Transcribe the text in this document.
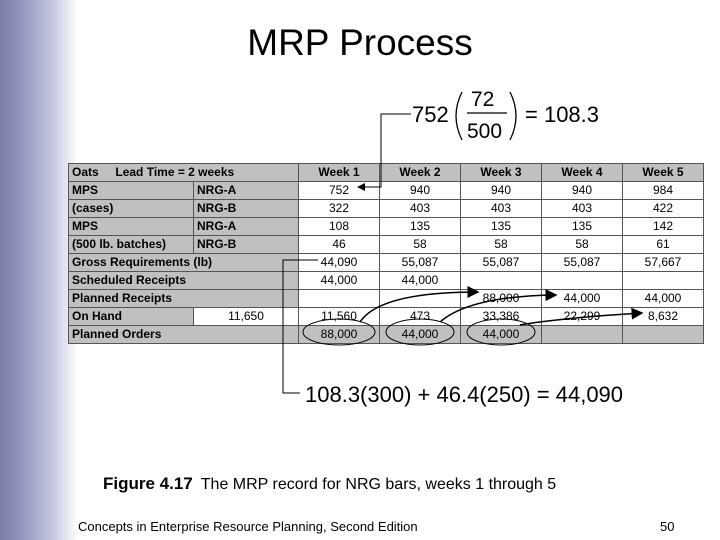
MRP Process
752
72
500
= 108.3
Oats Lead Time = 2 weeks		Week 1	Week 2	Week 3	Week 4	Week 5
MPS	NRG-A	752	940	940	940	984
(cases)	NRG-B	322	403	403	403	422
MPS	NRG-A	108	135	135	135	142
(500 lb. batches)	NRG-B	46	58	58	58	61
Gross Requirements (lb)		44,090	55,087	55,087	55,087	57,667
Scheduled Receipts		44,000	44,000			
Planned Receipts				88,000	44,000	44,000
On Hand	11,650	11,560	473	33,386	22,299	8,632
Planned Orders		88,000	44,000	44,000		
108.3(300) + 46.4(250) = 44,090
Figure 4.17 The MRP record for NRG bars, weeks 1 through 5
Concepts in Enterprise Resource Planning, Second Edition	50
